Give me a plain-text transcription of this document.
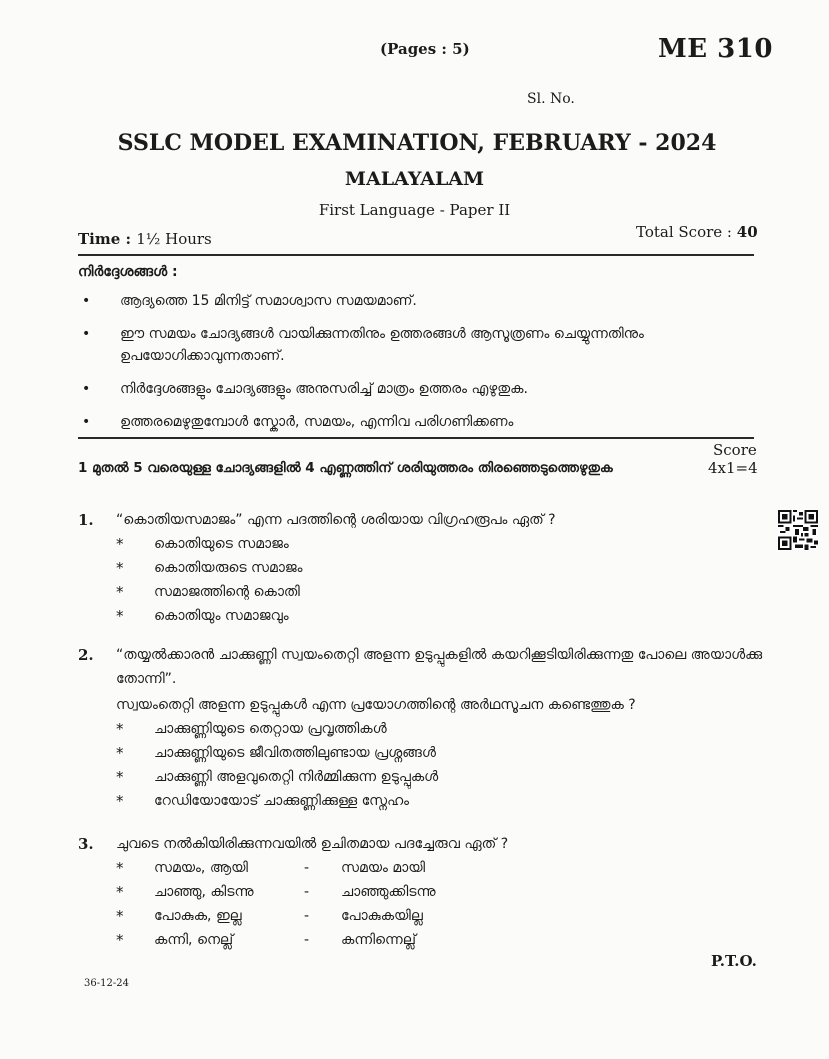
(Pages : 5)	ME 310
Sl. No.
SSLC MODEL EXAMINATION, FEBRUARY - 2024
MALAYALAM
First Language - Paper II
Time : 1½ Hours	Total Score : 40
നിർദ്ദേശങ്ങൾ :
•	ആദ്യത്തെ 15 മിനിട്ട് സമാശ്വാസ സമയമാണ്.
•	ഈ സമയം ചോദ്യങ്ങൾ വായിക്കുന്നതിനും ഉത്തരങ്ങൾ ആസൂത്രണം ചെയ്യുന്നതിനും ഉപയോഗിക്കാവുന്നതാണ്.
•	നിർദ്ദേശങ്ങളും ചോദ്യങ്ങളും അനുസരിച്ച് മാത്രം ഉത്തരം എഴുതുക.
•	ഉത്തരമെഴുതുമ്പോൾ സ്കോർ, സമയം, എന്നിവ പരിഗണിക്കണം
Score
4x1=4
1 മുതൽ 5 വരെയുള്ള ചോദ്യങ്ങളിൽ 4 എണ്ണത്തിന് ശരിയുത്തരം തിരഞ്ഞെടുത്തെഴുതുക
1.	“കൊതിയസമാജം” എന്ന പദത്തിന്റെ ശരിയായ വിഗ്രഹരൂപം ഏത് ?
*	കൊതിയുടെ സമാജം
*	കൊതിയരുടെ സമാജം
*	സമാജത്തിന്റെ കൊതി
*	കൊതിയും സമാജവും
2.	“തയ്യൽക്കാരൻ ചാക്കുണ്ണി സ്വയംതെറ്റി അളന്ന ഉടുപ്പുകളിൽ കയറിക്കൂടിയിരിക്കുന്നതു പോലെ അയാൾക്കു തോന്നി”.
സ്വയംതെറ്റി അളന്ന ഉടുപ്പുകൾ എന്ന പ്രയോഗത്തിന്റെ അർഥസൂചന കണ്ടെത്തുക ?
*	ചാക്കുണ്ണിയുടെ തെറ്റായ പ്രവൃത്തികൾ
*	ചാക്കുണ്ണിയുടെ ജീവിതത്തിലുണ്ടായ പ്രശ്നങ്ങൾ
*	ചാക്കുണ്ണി അളവുതെറ്റി നിർമ്മിക്കുന്ന ഉടുപ്പുകൾ
*	റേഡിയോയോട് ചാക്കുണ്ണിക്കുള്ള സ്നേഹം
3.	ചുവടെ നൽകിയിരിക്കുന്നവയിൽ ഉചിതമായ പദച്ചേരുവ ഏത് ?
*	സമയം, ആയി	-	സമയം മായി
*	ചാഞ്ഞു, കിടന്നു	-	ചാഞ്ഞുക്കിടന്നു
*	പോകുക, ഇല്ല	-	പോകുകയില്ല
*	കന്നി, നെല്ല്	-	കന്നിന്നെല്ല്
P.T.O.
36-12-24
